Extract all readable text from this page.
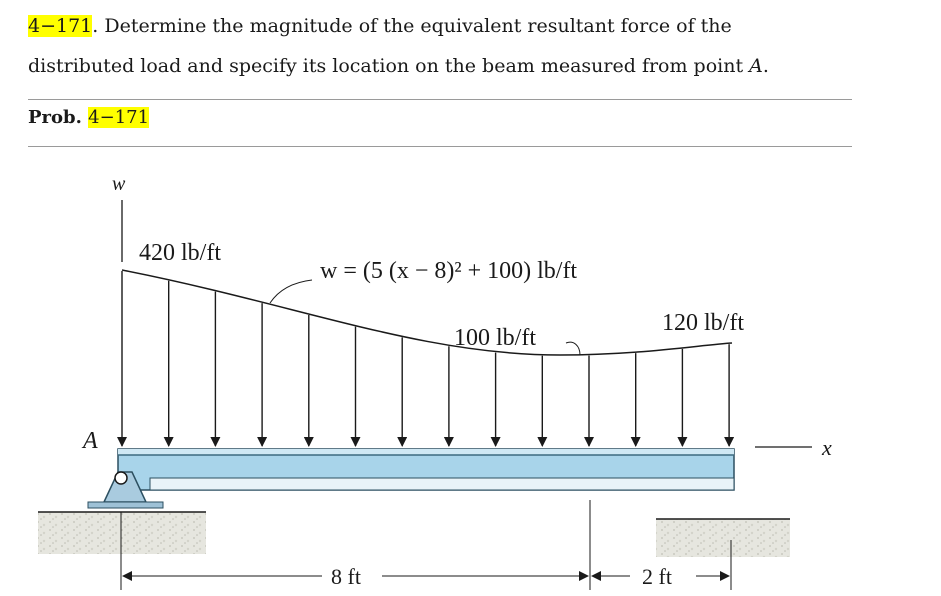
4−171. Determine the magnitude of the equivalent resultant force of the
distributed load and specify its location on the beam measured from point A.
Prob. 4−171
w
x
A
8 ft	2 ft
420 lb/ft
w = (5 (x − 8)² + 100) lb/ft
100 lb/ft
120 lb/ft
